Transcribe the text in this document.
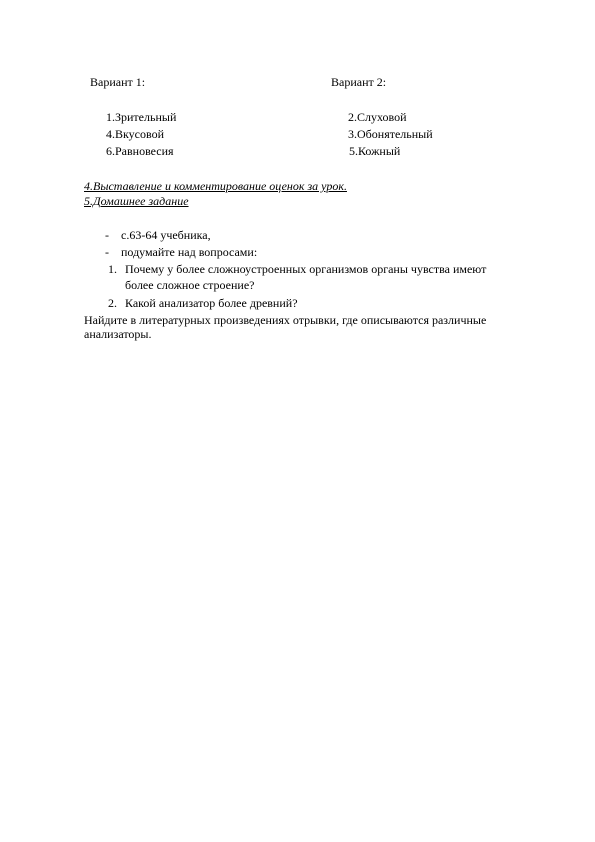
Вариант 1:	Вариант 2:
1.Зрительный
4.Вкусовой
6.Равновесия
2.Слуховой
3.Обонятельный
5.Кожный
4.Выставление и комментирование оценок за урок.
5.Домашнее задание
- с.63-64 учебника,
- подумайте над вопросами:
1. Почему у более сложноустроенных организмов органы чувства имеют
более сложное строение?
2. Какой анализатор более древний?
Найдите в литературных произведениях отрывки, где описываются различные анализаторы.
